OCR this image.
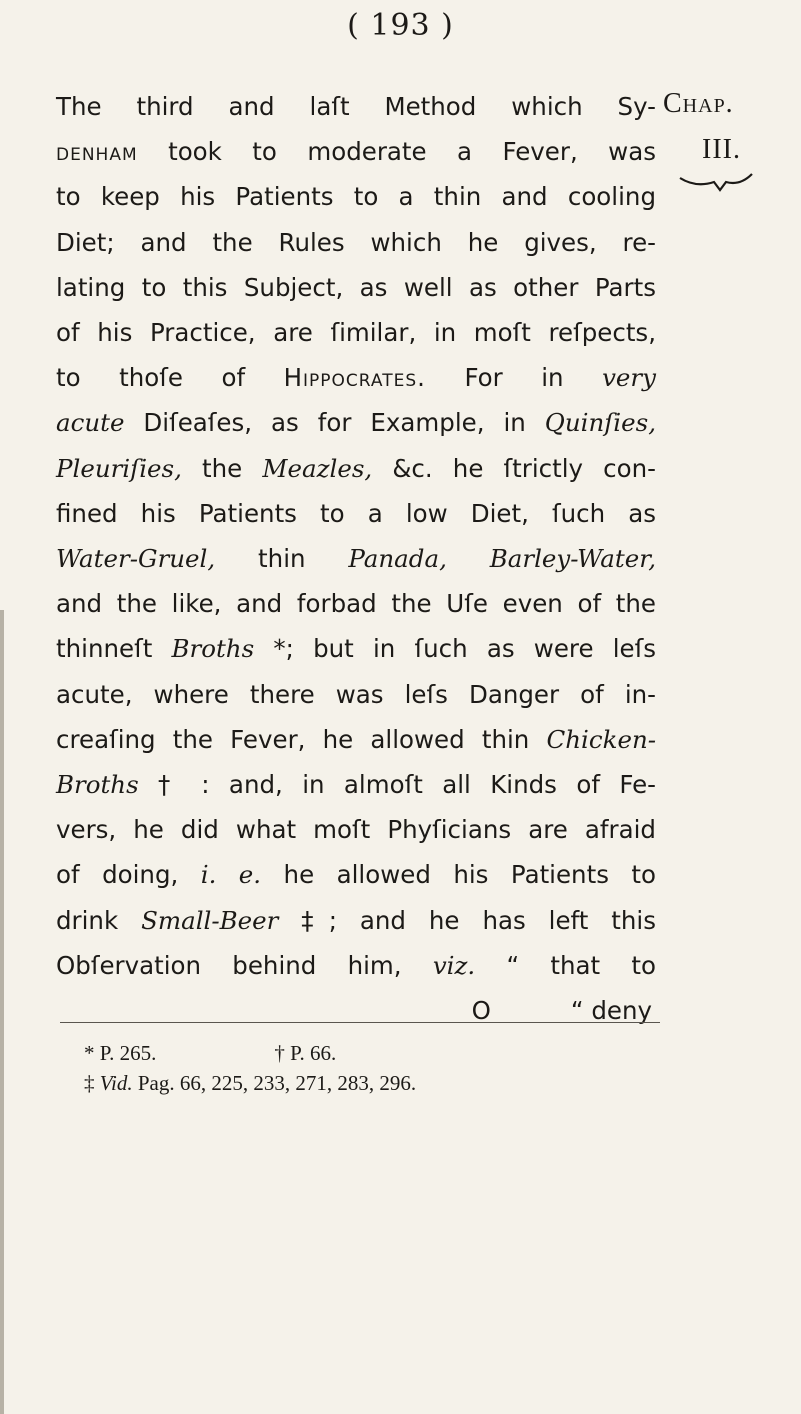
( 193 )
Chap.
III.
The third and laſt Method which Sy-
denham took to moderate a Fever, was
to keep his Patients to a thin and cooling
Diet; and the Rules which he gives, re-
lating to this Subject, as well as other Parts
of his Practice, are ſimilar, in moſt reſpects,
to thoſe of Hippocrates. For in very
acute Diſeaſes, as for Example, in Quinſies,
Pleuriſies, the Meazles, &c. he ſtrictly con-
fined his Patients to a low Diet, ſuch as
Water-Gruel, thin Panada, Barley-Water,
and the like, and forbad the Uſe even of the
thinneſt Broths *; but in ſuch as were leſs
acute, where there was leſs Danger of in-
creaſing the Fever, he allowed thin Chicken-
Broths † : and, in almoſt all Kinds of Fe-
vers, he did what moſt Phyſicians are afraid
of doing, i. e. he allowed his Patients to
drink Small-Beer ‡; and he has left this
Obſervation behind him, viz. “ that to
O	“ deny
* P. 265.	† P. 66.
‡ Vid. Pag. 66, 225, 233, 271, 283, 296.
